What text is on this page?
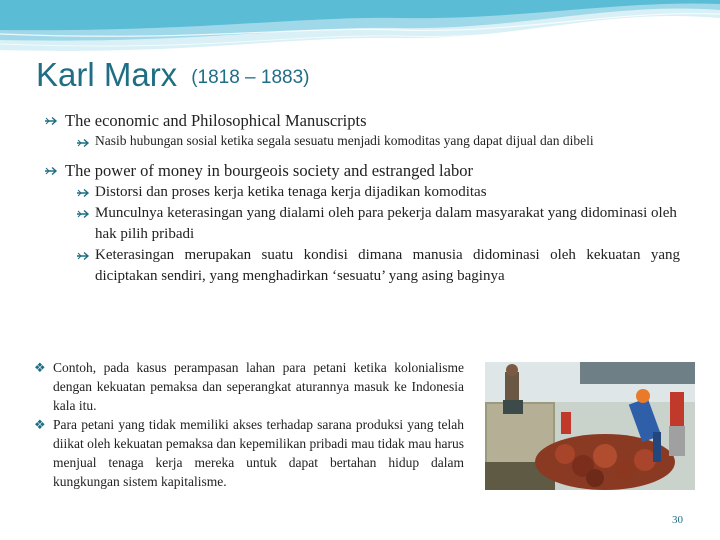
Karl Marx (1818 – 1883)
The economic and Philosophical Manuscripts
Nasib hubungan sosial ketika segala sesuatu menjadi komoditas yang dapat dijual dan dibeli
The power of money in bourgeois society and estranged labor
Distorsi dan proses kerja ketika tenaga kerja dijadikan komoditas
Munculnya keterasingan yang dialami oleh para pekerja dalam masyarakat yang didominasi oleh hak pilih pribadi
Keterasingan merupakan suatu kondisi dimana manusia didominasi oleh kekuatan yang diciptakan sendiri, yang menghadirkan ‘sesuatu’ yang asing baginya
❖ Contoh, pada kasus perampasan lahan para petani ketika kolonialisme dengan kekuatan pemaksa dan seperangkat aturannya masuk ke Indonesia kala itu.
❖ Para petani yang tidak memiliki akses terhadap sarana produksi yang telah diikat oleh kekuatan pemaksa dan kepemilikan pribadi mau tidak mau harus menjual tenaga kerja mereka untuk dapat bertahan hidup dalam kungkungan sistem kapitalisme.
30
